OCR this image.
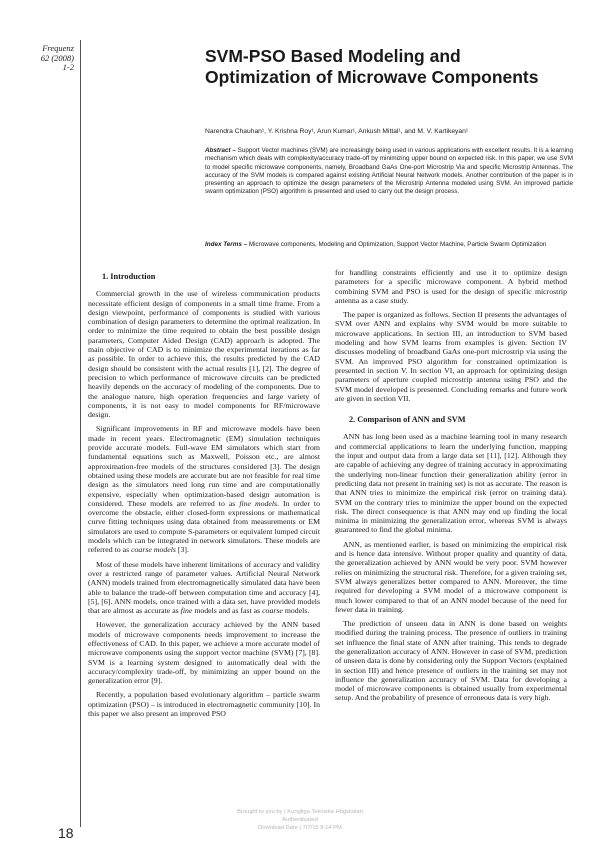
Frequenz
62 (2008)
1-2
SVM-PSO Based Modeling and Optimization of Microwave Components
Narendra Chauhan¹, Y. Krishna Roy¹, Arun Kumar¹, Ankush Mittal¹, and M. V. Kartikeyan¹

Abstract – Support Vector machines (SVM) are increasingly being used in various applications with excellent results. It is a learning mechanism which deals with complexity/accuracy trade-off by minimizing upper bound on expected risk. In this paper, we use SVM to model specific microwave components, namely, Broadband GaAs One-port Microstrip Via and specific Microstrip Antennas. The accuracy of the SVM models is compared against existing Artificial Neural Network models. Another contribution of the paper is in presenting an approach to optimize the design parameters of the Microstrip Antenna modeled using SVM. An improved particle swarm optimization (PSO) algorithm is presented and used to carry out the design process.

Index Terms – Microwave components, Modeling and Optimization, Support Vector Machine, Particle Swarm Optimization

1. Introduction

Commercial growth in the use of wireless communication products necessitate efficient design of components in a small time frame. From a design viewpoint, performance of components is studied with various combination of design parameters to determine the optimal realization. In order to minimize the time required to obtain the best possible design parameters, Computer Aided Design (CAD) approach is adopted. The main objective of CAD is to minimize the experimental iterations as far as possible. In order to achieve this, the results predicted by the CAD design should be consistent with the actual results [1], [2]. The degree of precision to which performance of microwave circuits can be predicted heavily depends on the accuracy of modeling of the components. Due to the analogue nature, high operation frequencies and large variety of components, it is not easy to model components for RF/microwave design.

Significant improvements in RF and microwave models have been made in recent years. Electromagnetic (EM) simulation techniques provide accurate models. Full-wave EM simulators which start from fundamental equations such as Maxwell, Poisson etc., are almost approximation-free models of the structures considered [3]. The design obtained using these models are accurate but are not feasible for real time design as the simulators need long run time and are computationally expensive, especially when optimization-based design automation is considered. These models are referred to as fine models. In order to overcome the obstacle, either closed-form expressions or mathematical curve fitting techniques using data obtained from measurements or EM simulators are used to compute S-parameters or equivalent lumped circuit models which can be integrated in network simulators. These models are referred to as coarse models [3].

Most of these models have inherent limitations of accuracy and validity over a restricted range of parameter values. Artificial Neural Network (ANN) models trained from electromagnetically simulated data have been able to balance the trade-off between computation time and accuracy [4], [5], [6]. ANN models, once trained with a data set, have provided models that are almost as accurate as fine models and as fast as coarse models.

However, the generalization accuracy achieved by the ANN based models of microwave components needs improvement to increase the effectiveness of CAD. In this paper, we achieve a more accurate model of microwave components using the support vector machine (SVM) [7], [8]. SVM is a learning system designed to automatically deal with the accuracy/complexity trade-off, by minimizing an upper bound on the generalization error [9].

Recently, a population based evolutionary algorithm – particle swarm optimization (PSO) – is introduced in electromagnetic community [10]. In this paper we also present an improved PSO

for handling constraints efficiently and use it to optimize design parameters for a specific microwave component. A hybrid method combining SVM and PSO is used for the design of specific microstrip antenna as a case study.

The paper is organized as follows. Section II presents the advantages of SVM over ANN and explains why SVM would be more suitable to microwave applications. In section III, an introduction to SVM based modeling and how SVM learns from examples is given. Section IV discusses modeling of broadband GaAs one-port microstrip via using the SVM. An improved PSO algorithm for constrained optimization is presented in section V. In section VI, an approach for optimizing design parameters of aperture coupled microstrip antenna using PSO and the SVM model developed is presented. Concluding remarks and future work are given in section VII.

2. Comparison of ANN and SVM

ANN has long been used as a machine learning tool in many research and commercial applications to learn the underlying function, mapping the input and output data from a large data set [11], [12]. Although they are capable of achieving any degree of training accuracy in approximating the underlying non-linear function their generalization ability (error in predicting data not present in training set) is not as accurate. The reason is that ANN tries to minimize the empirical risk (error on training data). SVM on the contrary tries to minimize the upper bound on the expected risk. The direct consequence is that ANN may end up finding the local minima in minimizing the generalization error, whereas SVM is always guaranteed to find the global minima.

ANN, as mentioned earlier, is based on minimizing the empirical risk and is hence data intensive. Without proper quality and quantity of data, the generalization achieved by ANN would be very poor. SVM however relies on minimizing the structural risk. Therefore, for a given training set, SVM always generalizes better compared to ANN. Moreover, the time required for developing a SVM model of a microwave component is much lower compared to that of an ANN model because of the need for fewer data in training.

The prediction of unseen data in ANN is done based on weights modified during the training process. The presence of outliers in training set influence the final state of ANN after training. This tends to degrade the generalization accuracy of ANN. However in case of SVM, prediction of unseen data is done by considering only the Support Vectors (explained in section III) and hence presence of outliers in the training set may not influence the generalization accuracy of SVM. Data for developing a model of microwave components is obtained usually from experimental setup. And the probability of presence of erroneous data is very high.

18
Brought to you by | Kungliga Tekniska Högskolan
Authenticated
Download Date | 7/7/15 8:14 PM
